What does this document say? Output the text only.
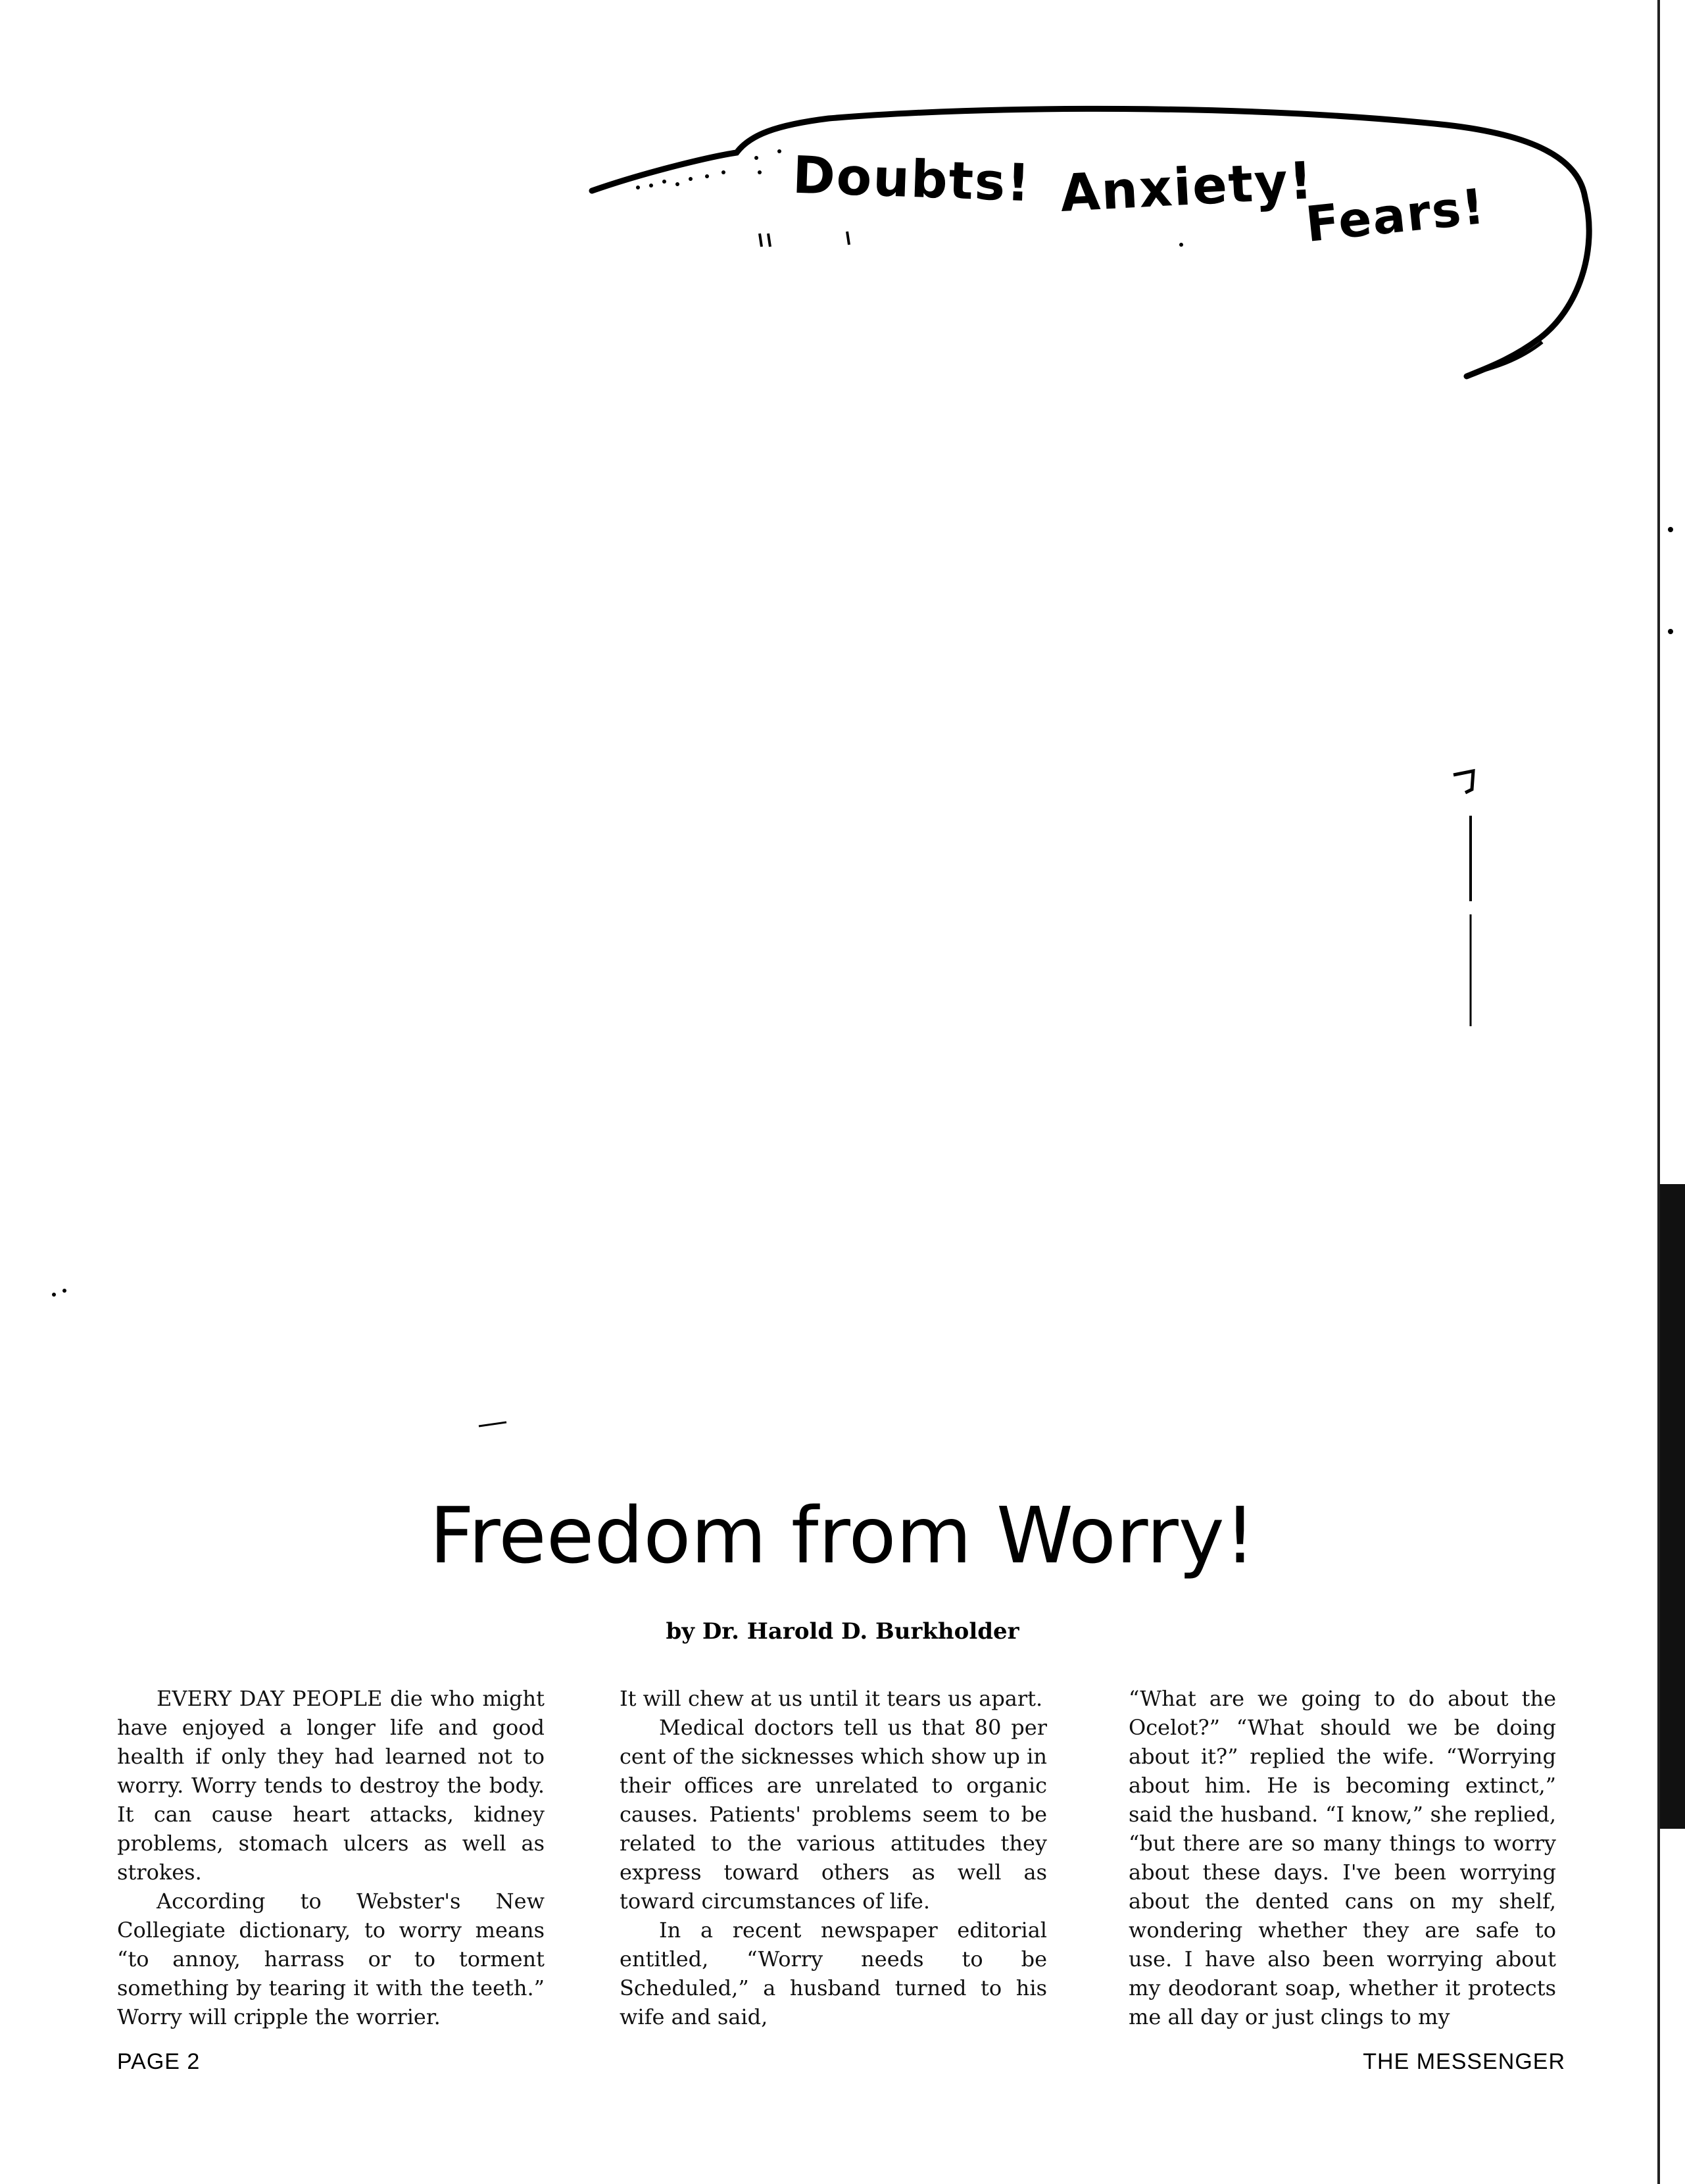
Doubts! Anxiety!
Fears!
Freedom from Worry!
by Dr. Harold D. Burkholder

EVERY DAY PEOPLE die who might have enjoyed a longer life and good health if only they had learned not to worry. Worry tends to destroy the body. It can cause heart attacks, kidney problems, stomach ulcers as well as strokes.

According to Webster's New Collegiate dictionary, to worry means “to annoy, harrass or to torment something by tearing it with the teeth.” Worry will cripple the worrier.

It will chew at us until it tears us apart.

Medical doctors tell us that 80 per cent of the sicknesses which show up in their offices are unrelated to organic causes. Patients' problems seem to be related to the various attitudes they express toward others as well as toward circumstances of life.

In a recent newspaper editorial entitled, “Worry needs to be Scheduled,” a husband turned to his wife and said,

“What are we going to do about the Ocelot?” “What should we be doing about it?” replied the wife. “Worrying about him. He is becoming extinct,” said the husband. “I know,” she replied, “but there are so many things to worry about these days. I've been worrying about the dented cans on my shelf, wondering whether they are safe to use. I have also been worrying about my deodorant soap, whether it protects me all day or just clings to my

PAGE 2	THE MESSENGER
